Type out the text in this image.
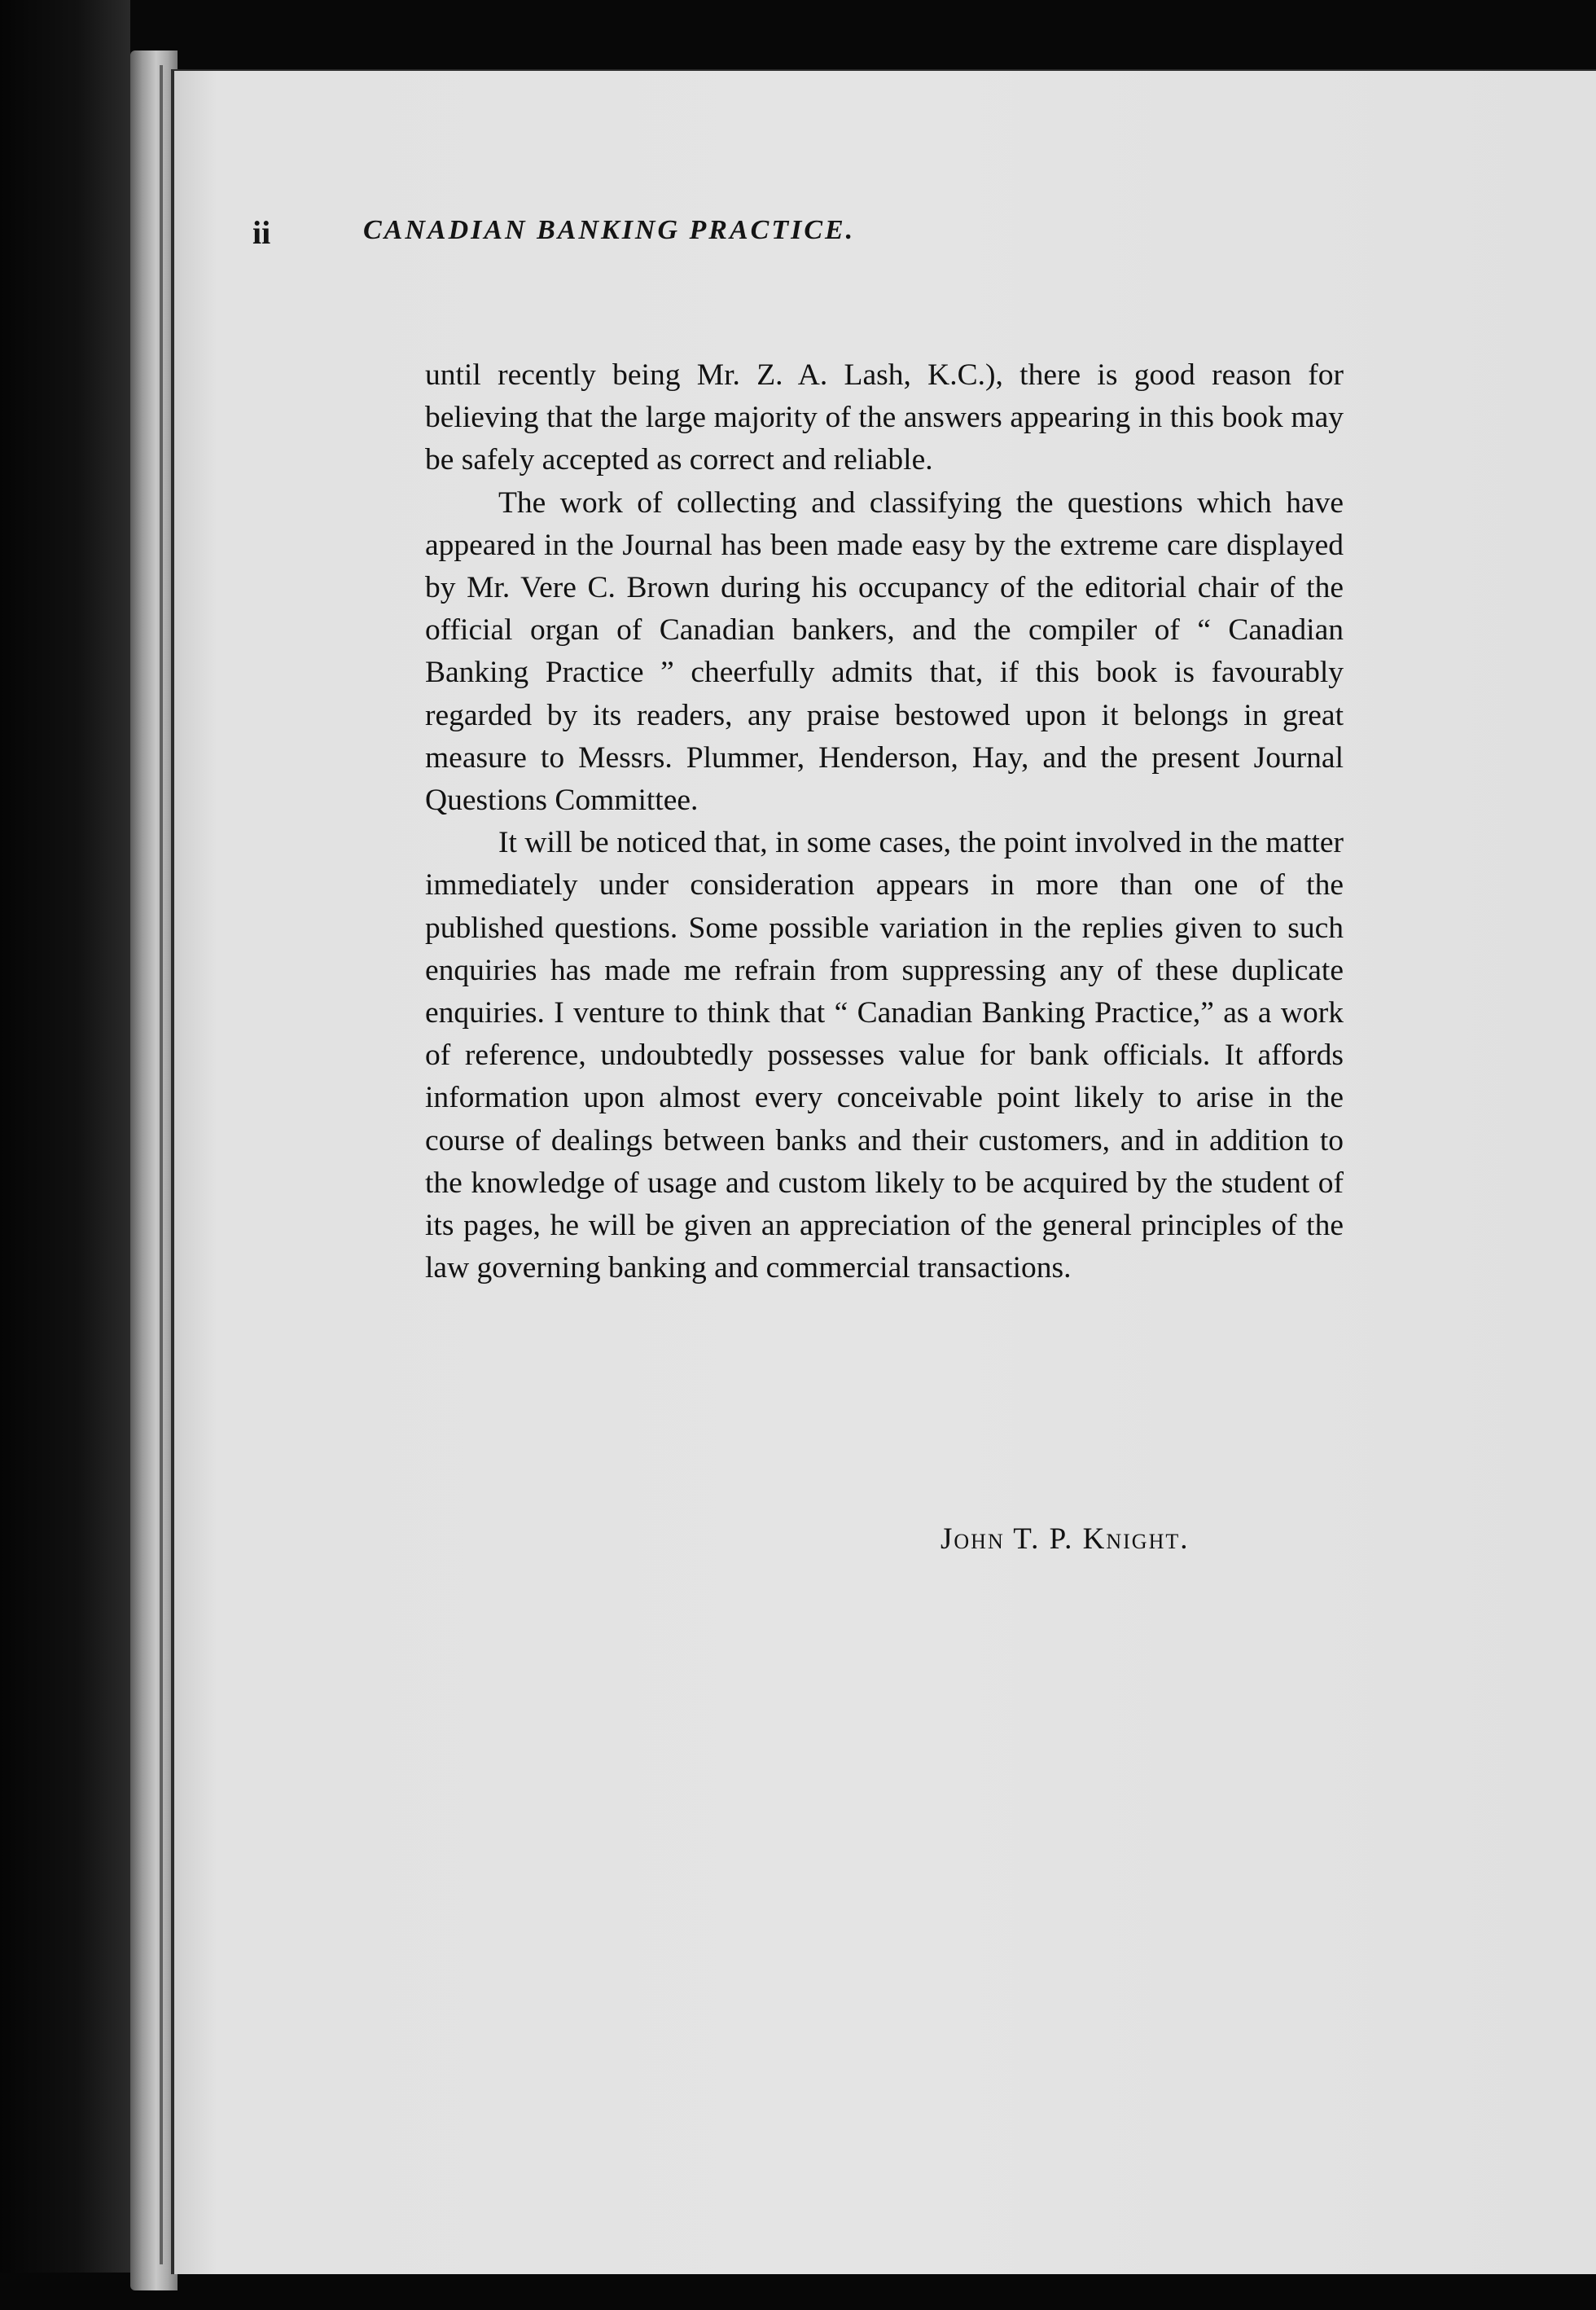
ii	CANADIAN BANKING PRACTICE.

until recently being Mr. Z. A. Lash, K.C.), there is good reason for believing that the large majority of the answers appearing in this book may be safely accepted as correct and reliable.

The work of collecting and classifying the questions which have appeared in the Journal has been made easy by the extreme care displayed by Mr. Vere C. Brown during his occupancy of the editorial chair of the official organ of Canadian bankers, and the compiler of “ Canadian Banking Practice ” cheerfully admits that, if this book is favourably regarded by its readers, any praise bestowed upon it belongs in great measure to Messrs. Plummer, Henderson, Hay, and the present Journal Questions Committee.

It will be noticed that, in some cases, the point involved in the matter immediately under consideration appears in more than one of the published questions. Some possible variation in the replies given to such enquiries has made me refrain from suppressing any of these duplicate enquiries. I venture to think that “ Canadian Banking Practice,” as a work of reference, undoubtedly possesses value for bank officials. It affords information upon almost every conceivable point likely to arise in the course of dealings between banks and their customers, and in addition to the knowledge of usage and custom likely to be acquired by the student of its pages, he will be given an appreciation of the general principles of the law governing banking and commercial transactions.

John T. P. Knight.
